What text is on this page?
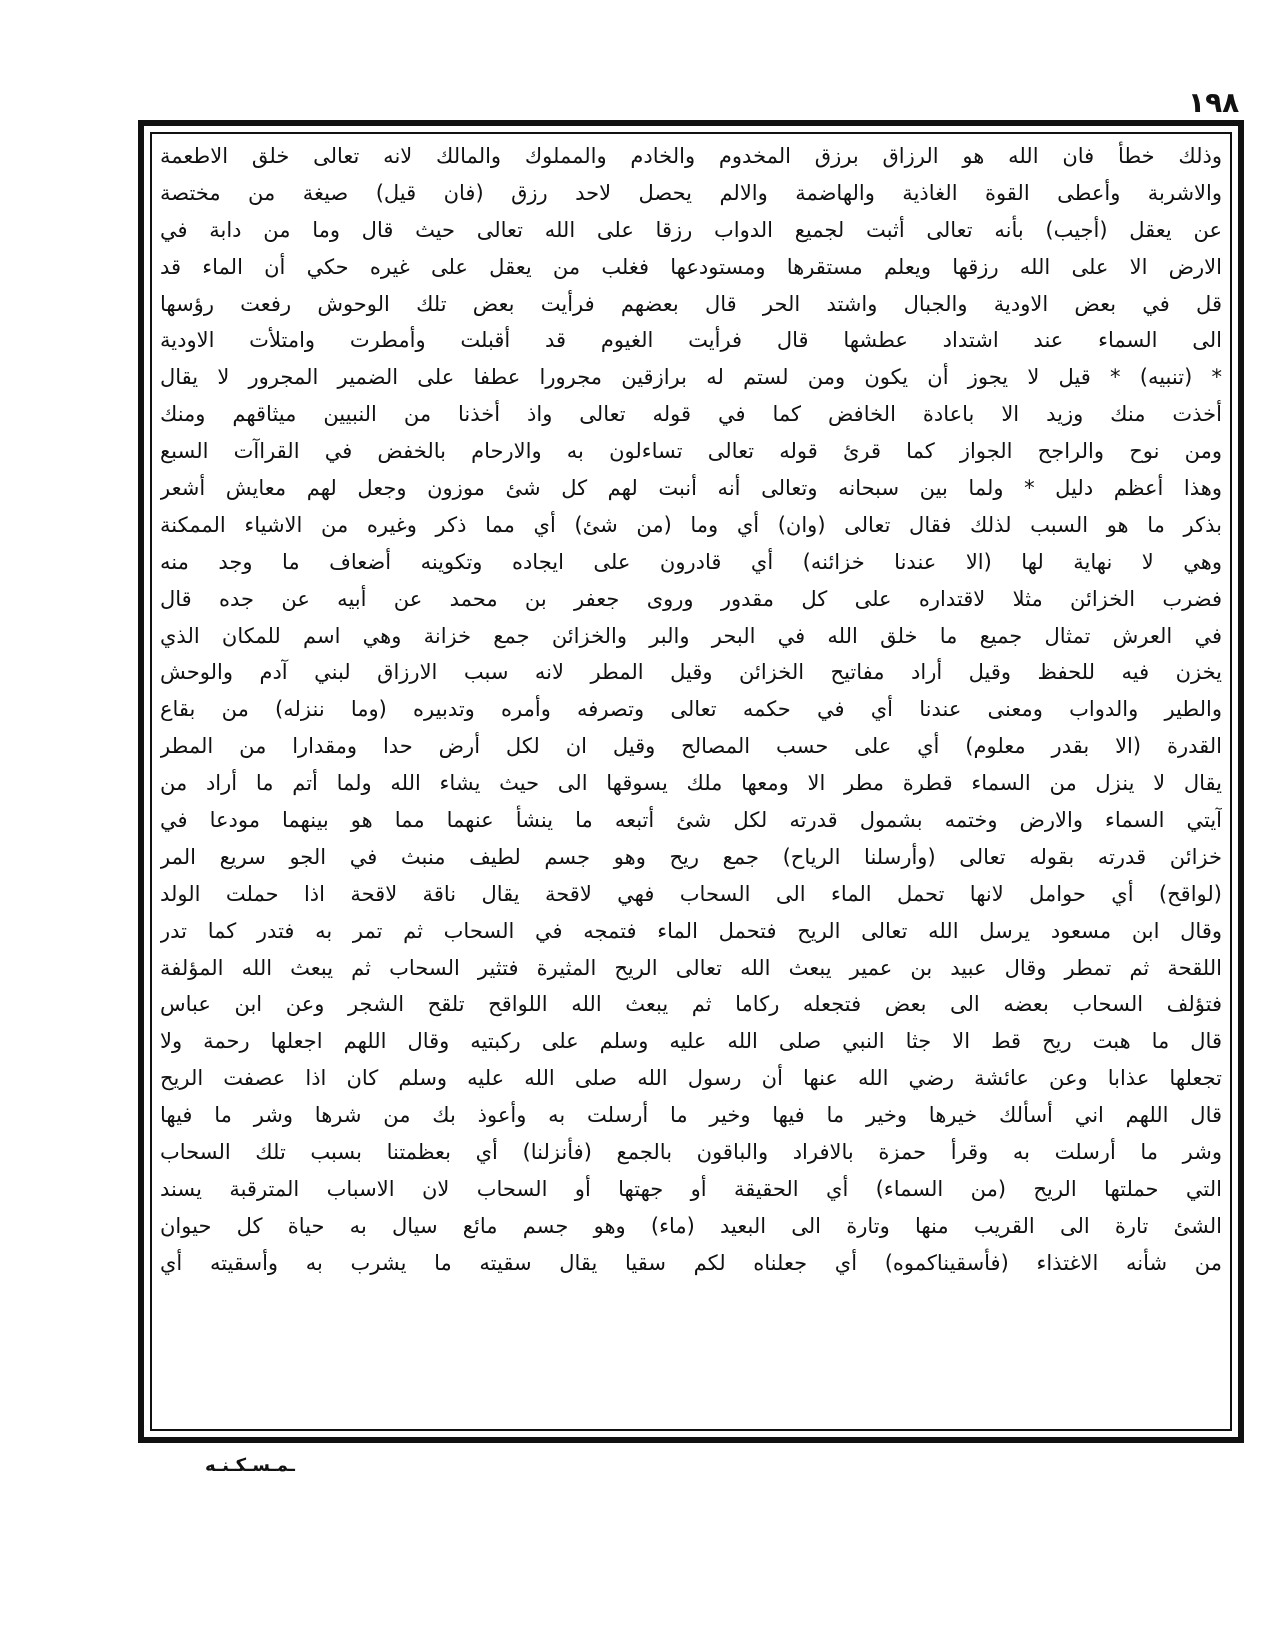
١٩٨
وذلك خطأ فان الله هو الرزاق برزق المخدوم والخادم والمملوك والمالك لانه تعالى خلق الاطعمة
والاشربة وأعطى القوة الغاذية والهاضمة والالم يحصل لاحد رزق (فان قيل) صيغة من مختصة
عن يعقل (أجيب) بأنه تعالى أثبت لجميع الدواب رزقا على الله تعالى حيث قال وما من دابة في
الارض الا على الله رزقها ويعلم مستقرها ومستودعها فغلب من يعقل على غيره حكي أن الماء قد
قل في بعض الاودية والجبال واشتد الحر قال بعضهم فرأيت بعض تلك الوحوش رفعت رؤسها
الى السماء عند اشتداد عطشها قال فرأيت الغيوم قد أقبلت وأمطرت وامتلأت الاودية
* (تنبيه) * قيل لا يجوز أن يكون ومن لستم له برازقين مجرورا عطفا على الضمير المجرور لا يقال
أخذت منك وزيد الا باعادة الخافض كما في قوله تعالى واذ أخذنا من النبيين ميثاقهم ومنك
ومن نوح والراجح الجواز كما قرئ قوله تعالى تساءلون به والارحام بالخفض في القراآت السبع
وهذا أعظم دليل * ولما بين سبحانه وتعالى أنه أنبت لهم كل شئ موزون وجعل لهم معايش أشعر
بذكر ما هو السبب لذلك فقال تعالى (وان) أي وما (من شئ) أي مما ذكر وغيره من الاشياء الممكنة
وهي لا نهاية لها (الا عندنا خزائنه) أي قادرون على ايجاده وتكوينه أضعاف ما وجد منه
فضرب الخزائن مثلا لاقتداره على كل مقدور وروى جعفر بن محمد عن أبيه عن جده قال
في العرش تمثال جميع ما خلق الله في البحر والبر والخزائن جمع خزانة وهي اسم للمكان الذي
يخزن فيه للحفظ وقيل أراد مفاتيح الخزائن وقيل المطر لانه سبب الارزاق لبني آدم والوحش
والطير والدواب ومعنى عندنا أي في حكمه تعالى وتصرفه وأمره وتدبيره (وما ننزله) من بقاع
القدرة (الا بقدر معلوم) أي على حسب المصالح وقيل ان لكل أرض حدا ومقدارا من المطر
يقال لا ينزل من السماء قطرة مطر الا ومعها ملك يسوقها الى حيث يشاء الله ولما أتم ما أراد من
آيتي السماء والارض وختمه بشمول قدرته لكل شئ أتبعه ما ينشأ عنهما مما هو بينهما مودعا في
خزائن قدرته بقوله تعالى (وأرسلنا الرياح) جمع ريح وهو جسم لطيف منبث في الجو سريع المر
(لواقح) أي حوامل لانها تحمل الماء الى السحاب فهي لاقحة يقال ناقة لاقحة اذا حملت الولد
وقال ابن مسعود يرسل الله تعالى الريح فتحمل الماء فتمجه في السحاب ثم تمر به فتدر كما تدر
اللقحة ثم تمطر وقال عبيد بن عمير يبعث الله تعالى الريح المثيرة فتثير السحاب ثم يبعث الله المؤلفة
فتؤلف السحاب بعضه الى بعض فتجعله ركاما ثم يبعث الله اللواقح تلقح الشجر وعن ابن عباس
قال ما هبت ريح قط الا جثا النبي صلى الله عليه وسلم على ركبتيه وقال اللهم اجعلها رحمة ولا
تجعلها عذابا وعن عائشة رضي الله عنها أن رسول الله صلى الله عليه وسلم كان اذا عصفت الريح
قال اللهم اني أسألك خيرها وخير ما فيها وخير ما أرسلت به وأعوذ بك من شرها وشر ما فيها
وشر ما أرسلت به وقرأ حمزة بالافراد والباقون بالجمع (فأنزلنا) أي بعظمتنا بسبب تلك السحاب
التي حملتها الريح (من السماء) أي الحقيقة أو جهتها أو السحاب لان الاسباب المترقبة يسند
الشئ تارة الى القريب منها وتارة الى البعيد (ماء) وهو جسم مائع سيال به حياة كل حيوان
من شأنه الاغتذاء (فأسقيناكموه) أي جعلناه لكم سقيا يقال سقيته ما يشرب به وأسقيته أي
ـمـسـكـنـه
